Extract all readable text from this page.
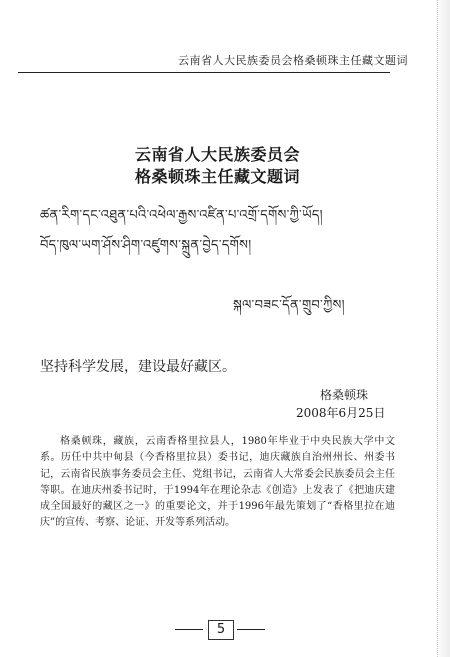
云南省人大民族委员会格桑顿珠主任藏文题词
云南省人大民族委员会
格桑顿珠主任藏文题词
ཚན་རིག་དང་འཐུན་པའི་འཕེལ་རྒྱས་འཛིན་པ་འགྲོ་དགོས་ཀྱི་ཡོད།
བོད་ཁུལ་ཡག་ཤོས་ཤིག་འཛུགས་སྐྲུན་བྱེད་དགོས།
སྐལ་བཟང་དོན་གྲུབ་ཀྱིས།
坚持科学发展，建设最好藏区。
格桑顿珠
2008年6月25日
格桑顿珠，藏族，云南香格里拉县人，1980年毕业于中央民族大学中文系。历任中共中甸县（今香格里拉县）委书记，迪庆藏族自治州州长、州委书记，云南省民族事务委员会主任、党组书记，云南省人大常委会民族委员会主任等职。在迪庆州委书记时，于1994年在理论杂志《创造》上发表了《把迪庆建成全国最好的藏区之一》的重要论文，并于1996年最先策划了“香格里拉在迪庆”的宣传、考察、论证、开发等系列活动。
5
